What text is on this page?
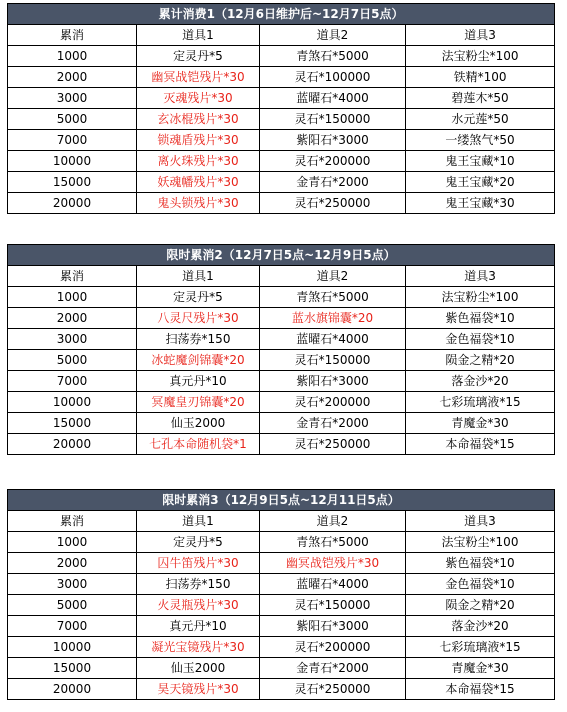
累计消费1（12月6日维护后~12月7日5点）			
累消	道具1	道具2	道具3
1000	定灵丹*5	青煞石*5000	法宝粉尘*100
2000	幽冥战铠残片*30	灵石*100000	铁精*100
3000	灭魂残片*30	蓝曜石*4000	碧莲木*50
5000	玄冰棍残片*30	灵石*150000	水元莲*50
7000	锁魂盾残片*30	紫阳石*3000	一缕煞气*50
10000	离火珠残片*30	灵石*200000	鬼王宝藏*10
15000	妖魂幡残片*30	金青石*2000	鬼王宝藏*20
20000	鬼头锁残片*30	灵石*250000	鬼王宝藏*30
限时累消2（12月7日5点~12月9日5点）			
累消	道具1	道具2	道具3
1000	定灵丹*5	青煞石*5000	法宝粉尘*100
2000	八灵尺残片*30	蓝水旗锦囊*20	紫色福袋*10
3000	扫荡券*150	蓝曜石*4000	金色福袋*10
5000	冰蛇魔剑锦囊*20	灵石*150000	陨金之精*20
7000	真元丹*10	紫阳石*3000	落金沙*20
10000	冥魔皇刃锦囊*20	灵石*200000	七彩琉璃液*15
15000	仙玉2000	金青石*2000	青魔金*30
20000	七孔本命随机袋*1	灵石*250000	本命福袋*15
限时累消3（12月9日5点~12月11日5点）			
累消	道具1	道具2	道具3
1000	定灵丹*5	青煞石*5000	法宝粉尘*100
2000	囚牛笛残片*30	幽冥战铠残片*30	紫色福袋*10
3000	扫荡券*150	蓝曜石*4000	金色福袋*10
5000	火灵瓶残片*30	灵石*150000	陨金之精*20
7000	真元丹*10	紫阳石*3000	落金沙*20
10000	凝光宝镜残片*30	灵石*200000	七彩琉璃液*15
15000	仙玉2000	金青石*2000	青魔金*30
20000	昊天镜残片*30	灵石*250000	本命福袋*15
